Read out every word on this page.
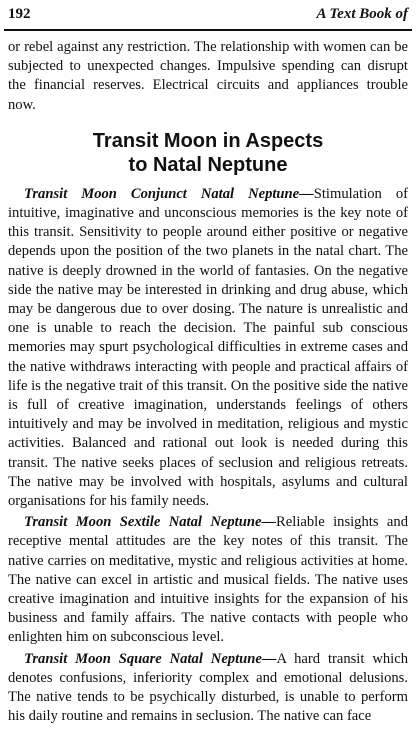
192	A Text Book of

or rebel against any restriction. The relationship with women can be subjected to unexpected changes. Impulsive spending can disrupt the financial reserves. Electrical circuits and appliances trouble now.

Transit Moon in Aspects
to Natal Neptune

Transit Moon Conjunct Natal Neptune—Stimulation of intuitive, imaginative and unconscious memories is the key note of this transit. Sensitivity to people around either positive or negative depends upon the position of the two planets in the natal chart. The native is deeply drowned in the world of fantasies. On the negative side the native may be interested in drinking and drug abuse, which may be dangerous due to over dosing. The nature is unrealistic and one is unable to reach the decision. The painful sub conscious memories may spurt psychological difficulties in extreme cases and the native withdraws interacting with people and practical affairs of life is the negative trait of this transit. On the positive side the native is full of creative imagination, understands feelings of others intuitively and may be involved in meditation, religious and mystic activities. Balanced and rational out look is needed during this transit. The native seeks places of seclusion and religious retreats. The native may be involved with hospitals, asylums and cultural organisations for his family needs.

Transit Moon Sextile Natal Neptune—Reliable insights and receptive mental attitudes are the key notes of this transit. The native carries on meditative, mystic and religious activities at home. The native can excel in artistic and musical fields. The native uses creative imagination and intuitive insights for the expansion of his business and family affairs. The native contacts with people who enlighten him on subconscious level.

Transit Moon Square Natal Neptune—A hard transit which denotes confusions, inferiority complex and emotional delusions. The native tends to be psychically disturbed, is unable to perform his daily routine and remains in seclusion. The native can face
